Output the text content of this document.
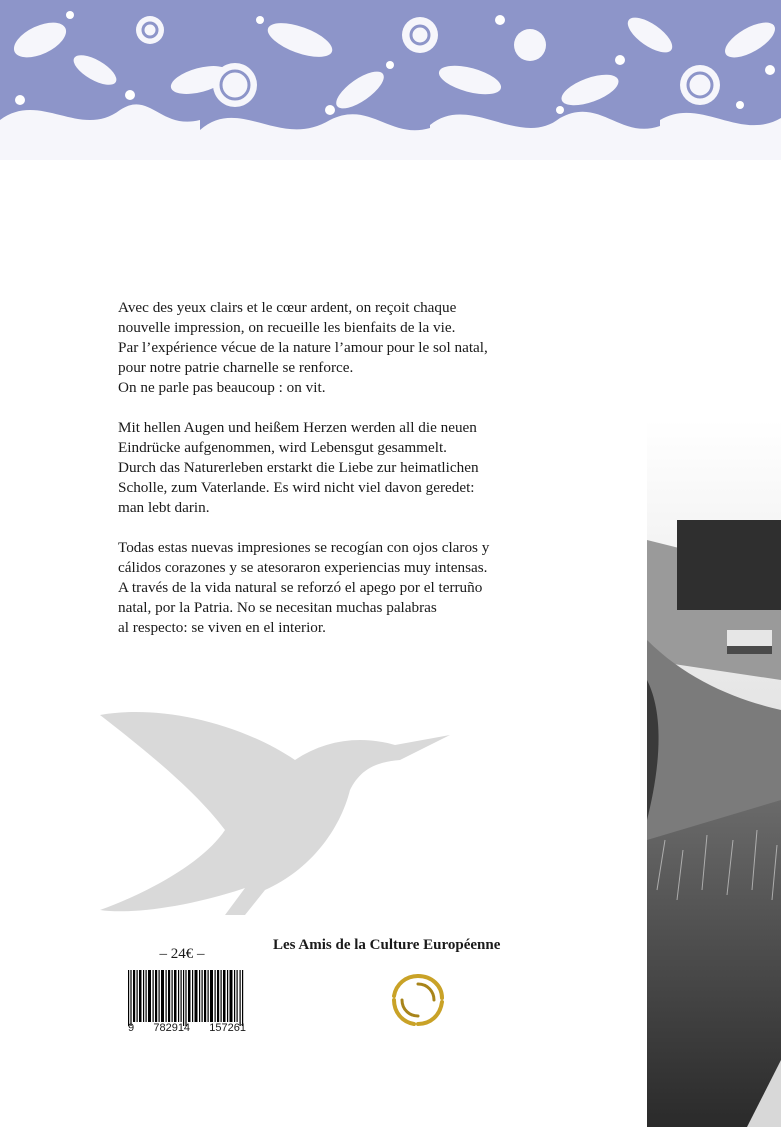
Avec des yeux clairs et le cœur ardent, on reçoit chaque
nouvelle impression, on recueille les bienfaits de la vie.
Par l’expérience vécue de la nature l’amour pour le sol natal,
pour notre patrie charnelle se renforce.
On ne parle pas beaucoup : on vit.

Mit hellen Augen und heißem Herzen werden all die neuen
Eindrücke aufgenommen, wird Lebensgut gesammelt.
Durch das Naturerleben erstarkt die Liebe zur heimatlichen
Scholle, zum Vaterlande. Es wird nicht viel davon geredet:
man lebt darin.

Todas estas nuevas impresiones se recogían con ojos claros y
cálidos corazones y se atesoraron experiencias muy intensas.
A través de la vida natural se reforzó el apego por el terruño
natal, por la Patria. No se necesitan muchas palabras
al respecto: se viven en el interior.

Les Amis de la Culture Européenne
– 24€ –
9 782914 157261
